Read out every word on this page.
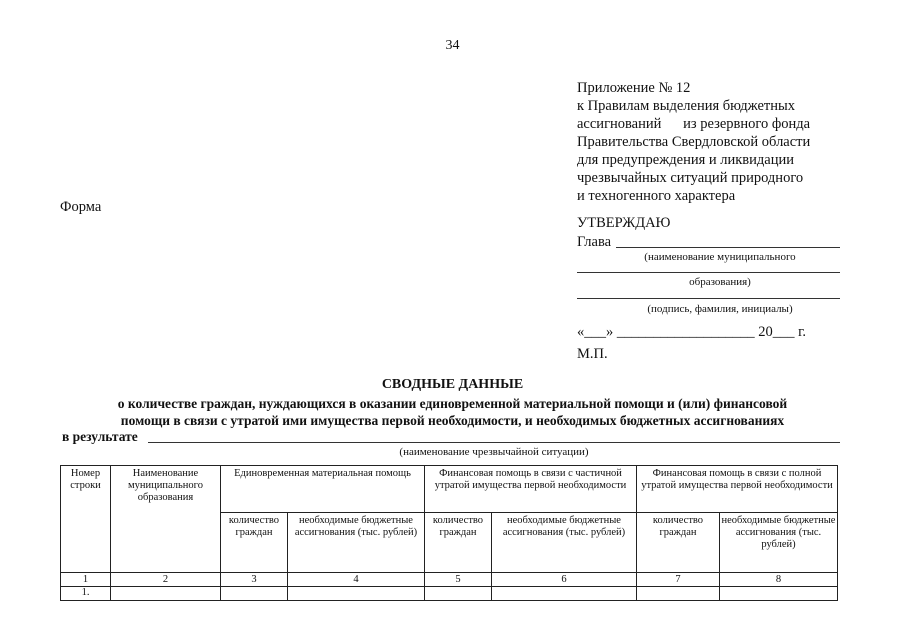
34
Приложение № 12
к Правилам выделения бюджетных
ассигнований      из резервного фонда
Правительства Свердловской области
для предупреждения и ликвидации
чрезвычайных ситуаций природного
и техногенного характера
Форма
УТВЕРЖДАЮ
Глава
(наименование муниципального
образования)
(подпись, фамилия, инициалы)
«___» ___________________ 20___ г.
М.П.
СВОДНЫЕ ДАННЫЕ
о количестве граждан, нуждающихся в оказании единовременной материальной помощи и (или) финансовой
помощи в связи с утратой ими имущества первой необходимости, и необходимых бюджетных ассигнованиях
в результате
(наименование чрезвычайной ситуации)
Номер строки	Наименование муниципального образования	Единовременная материальная помощь		Финансовая помощь в связи с частичной утратой имущества первой необходимости		Финансовая помощь в связи с полной утратой имущества первой необходимости	
		количество граждан	необходимые бюджетные ассигнования (тыс. рублей)	количество граждан	необходимые бюджетные ассигнования (тыс. рублей)	количество граждан	необходимые бюджетные ассигнования (тыс. рублей)
1	2	3	4	5	6	7	8
1.							
